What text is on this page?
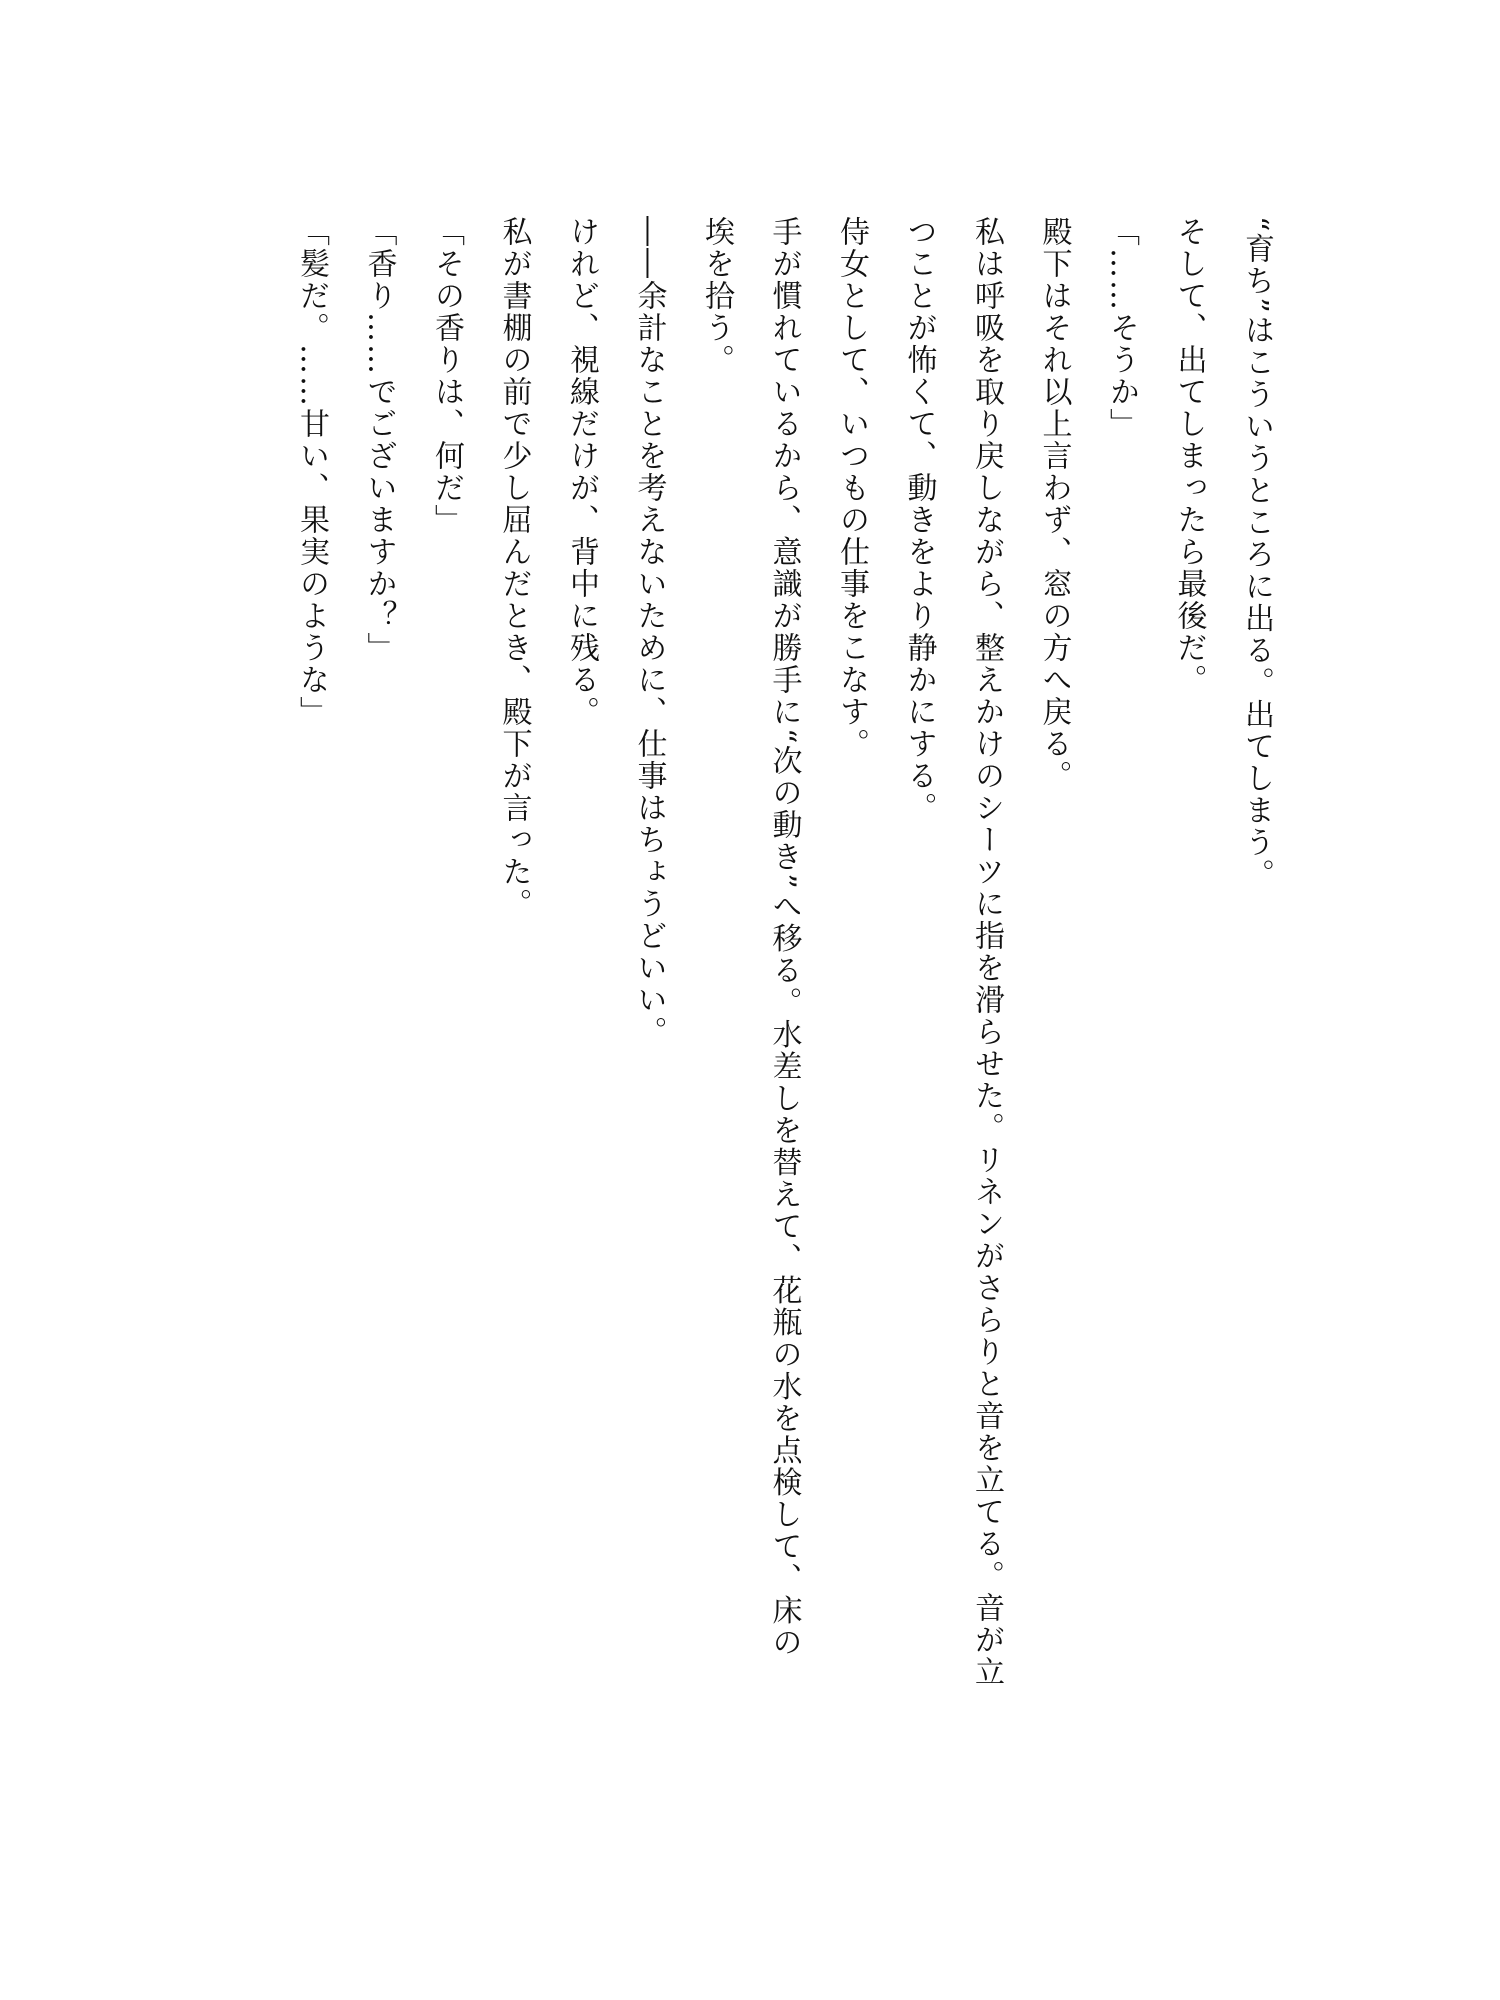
“育ち”はこういうところに出る。出てしまう。

そして、出てしまったら最後だ。

「……そうか」

殿下はそれ以上言わず、窓の方へ戻る。

私は呼吸を取り戻しながら、整えかけのシーツに指を滑らせた。リネンがさらりと音を立てる。音が立

つことが怖くて、動きをより静かにする。

侍女として、いつもの仕事をこなす。

手が慣れているから、意識が勝手に“次の動き”へ移る。水差しを替えて、花瓶の水を点検して、床の

埃を拾う。

――余計なことを考えないために、仕事はちょうどいい。

けれど、視線だけが、背中に残る。

私が書棚の前で少し屈んだとき、殿下が言った。

「その香りは、何だ」

「香り……でございますか？」

「髪だ。……甘い、果実のような」
